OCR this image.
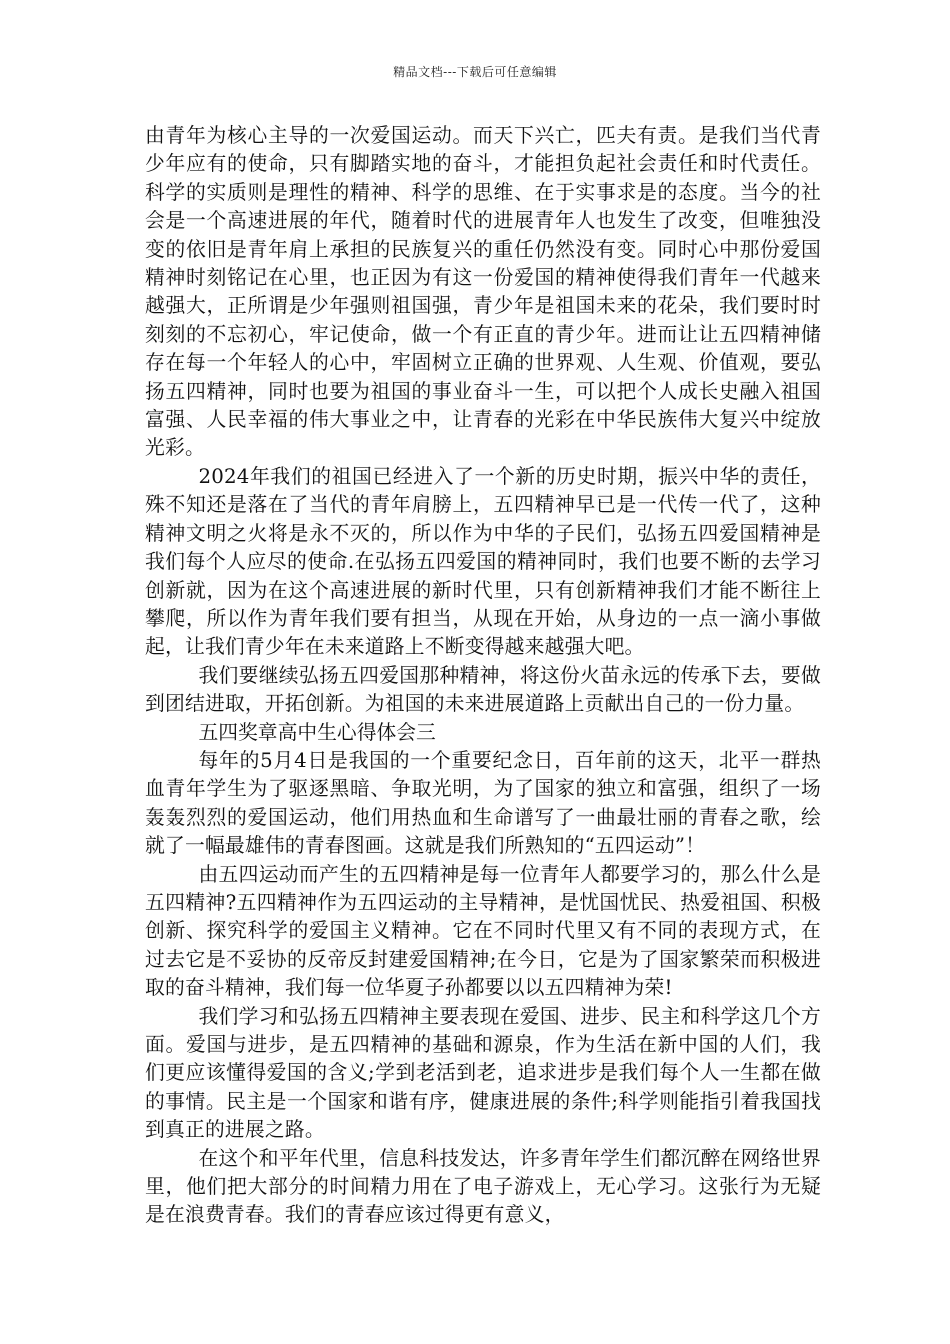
精品文档---下载后可任意编辑

由青年为核心主导的一次爱国运动。而天下兴亡，匹夫有责。是我们当代青少年应有的使命，只有脚踏实地的奋斗，才能担负起社会责任和时代责任。科学的实质则是理性的精神、科学的思维、在于实事求是的态度。当今的社会是一个高速进展的年代，随着时代的进展青年人也发生了改变，但唯独没变的依旧是青年肩上承担的民族复兴的重任仍然没有变。同时心中那份爱国精神时刻铭记在心里，也正因为有这一份爱国的精神使得我们青年一代越来越强大，正所谓是少年强则祖国强，青少年是祖国未来的花朵，我们要时时刻刻的不忘初心，牢记使命，做一个有正直的青少年。进而让让五四精神储存在每一个年轻人的心中，牢固树立正确的世界观、人生观、价值观，要弘扬五四精神，同时也要为祖国的事业奋斗一生，可以把个人成长史融入祖国富强、人民幸福的伟大事业之中，让青春的光彩在中华民族伟大复兴中绽放光彩。

2024年我们的祖国已经进入了一个新的历史时期，振兴中华的责任，殊不知还是落在了当代的青年肩膀上，五四精神早已是一代传一代了，这种精神文明之火将是永不灭的，所以作为中华的子民们，弘扬五四爱国精神是我们每个人应尽的使命.在弘扬五四爱国的精神同时，我们也要不断的去学习创新就，因为在这个高速进展的新时代里，只有创新精神我们才能不断往上攀爬，所以作为青年我们要有担当，从现在开始，从身边的一点一滴小事做起，让我们青少年在未来道路上不断变得越来越强大吧。

我们要继续弘扬五四爱国那种精神，将这份火苗永远的传承下去，要做到团结进取，开拓创新。为祖国的未来进展道路上贡献出自己的一份力量。

五四奖章高中生心得体会三

每年的5月4日是我国的一个重要纪念日，百年前的这天，北平一群热血青年学生为了驱逐黑暗、争取光明，为了国家的独立和富强，组织了一场轰轰烈烈的爱国运动，他们用热血和生命谱写了一曲最壮丽的青春之歌，绘就了一幅最雄伟的青春图画。这就是我们所熟知的“五四运动”！

由五四运动而产生的五四精神是每一位青年人都要学习的，那么什么是五四精神?五四精神作为五四运动的主导精神，是忧国忧民、热爱祖国、积极创新、探究科学的爱国主义精神。它在不同时代里又有不同的表现方式，在过去它是不妥协的反帝反封建爱国精神;在今日，它是为了国家繁荣而积极进取的奋斗精神，我们每一位华夏子孙都要以以五四精神为荣!

我们学习和弘扬五四精神主要表现在爱国、进步、民主和科学这几个方面。爱国与进步，是五四精神的基础和源泉，作为生活在新中国的人们，我们更应该懂得爱国的含义;学到老活到老，追求进步是我们每个人一生都在做的事情。民主是一个国家和谐有序，健康进展的条件;科学则能指引着我国找到真正的进展之路。

在这个和平年代里，信息科技发达，许多青年学生们都沉醉在网络世界里，他们把大部分的时间精力用在了电子游戏上，无心学习。这张行为无疑是在浪费青春。我们的青春应该过得更有意义，
